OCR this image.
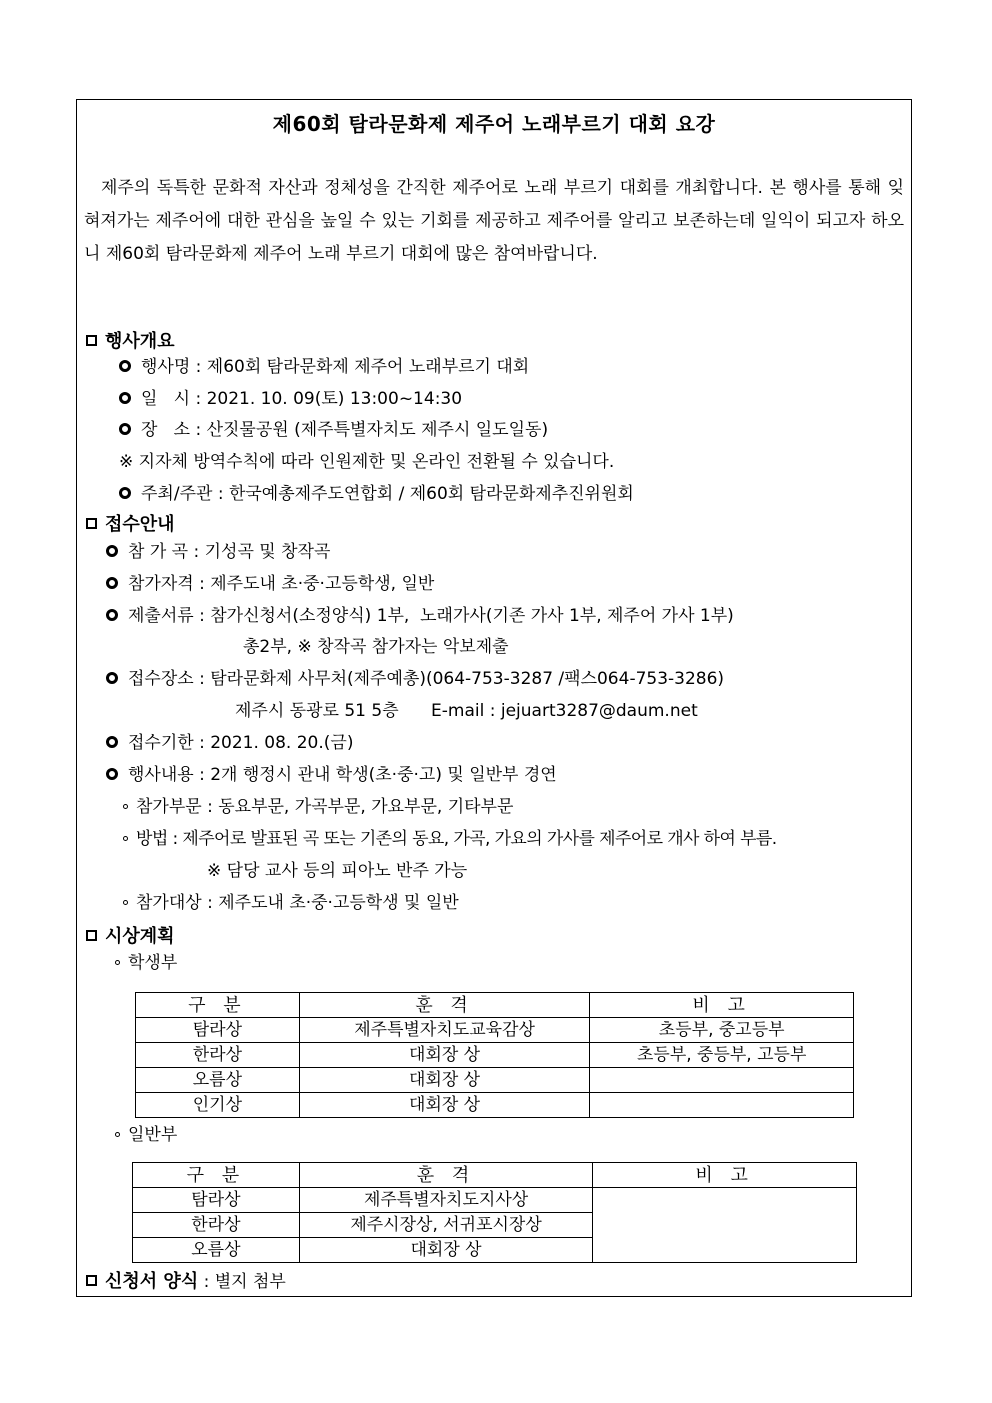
제60회 탐라문화제 제주어 노래부르기 대회 요강

제주의 독특한 문화적 자산과 정체성을 간직한 제주어로 노래 부르기 대회를 개최합니다. 본 행사를 통해 잊혀져가는 제주어에 대한 관심을 높일 수 있는 기회를 제공하고 제주어를 알리고 보존하는데 일익이 되고자 하오니 제60회 탐라문화제 제주어 노래 부르기 대회에 많은 참여바랍니다.

행사개요
행사명 : 제60회 탐라문화제 제주어 노래부르기 대회
일   시 : 2021. 10. 09(토) 13:00~14:30
장   소 : 산짓물공원 (제주특별자치도 제주시 일도일동)
※ 지자체 방역수칙에 따라 인원제한 및 온라인 전환될 수 있습니다.
주최/주관 : 한국예총제주도연합회 / 제60회 탐라문화제추진위원회
접수안내
참 가 곡 : 기성곡 및 창작곡
참가자격 : 제주도내 초·중·고등학생, 일반
제출서류 : 참가신청서(소정양식) 1부,  노래가사(기존 가사 1부, 제주어 가사 1부)
총2부, ※ 창작곡 참가자는 악보제출
접수장소 : 탐라문화제 사무처(제주예총)(064-753-3287 /팩스064-753-3286)
제주시 동광로 51 5층      E-mail : jejuart3287@daum.net
접수기한 : 2021. 08. 20.(금)
행사내용 : 2개 행정시 관내 학생(초·중·고) 및 일반부 경연
참가부문 : 동요부문, 가곡부문, 가요부문, 기타부문
방법 : 제주어로 발표된 곡 또는 기존의 동요, 가곡, 가요의 가사를 제주어로 개사 하여 부름.
※ 담당 교사 등의 피아노 반주 가능
참가대상 : 제주도내 초·중·고등학생 및 일반
시상계획
학생부
구 분	훈 격	비 고
탐라상	제주특별자치도교육감상	초등부, 중고등부
한라상	대회장 상	초등부, 중등부, 고등부
오름상	대회장 상	
인기상	대회장 상	
일반부
구 분	훈 격	비 고
탐라상	제주특별자치도지사상	
한라상	제주시장상, 서귀포시장상	
오름상	대회장 상	
신청서 양식 : 별지 첨부
